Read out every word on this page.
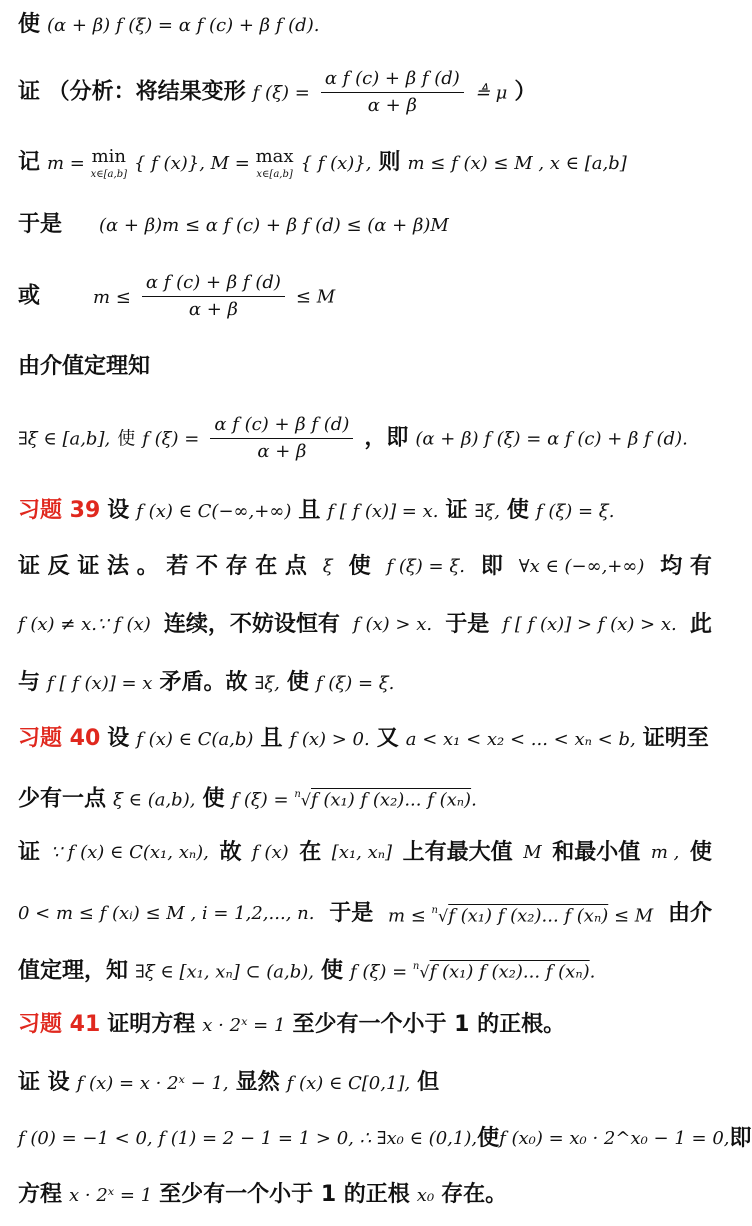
使 (α + β) f (ξ) = α f (c) + β f (d).
证 （分析：将结果变形 f $(\xi) = \frac{\text{α f (c) + β f (d)}}{\alpha + \beta}$ ≜ μ ）
记 m = min
x∈[a,b]
{ f (x)}, M = max
x∈[a,b]
{ f (x)}, 则 m ≤ f (x) ≤ M , x ∈ [a,b]
于是 (α + β)m ≤ α f (c) + β f (d) ≤ (α + β)M
或	$m \le \frac{\text{α f (c) + β f (d)}}{\alpha + \beta} \le M$
由介值定理知
∃ξ ∈ [a,b], 使 f $(\xi) = \frac{\text{α f (c) + β f (d)}}{\alpha + \beta}$ ，即 (α + β) f (ξ) = α f (c) + β f (d).
习题 39 设 f (x) ∈ C(−∞,+∞) 且 f [ f (x)] = x. 证 ∃ξ, 使 f (ξ) = ξ.
证 反 证 法 。 若 不 存 在 点 ξ 使 f (ξ) = ξ. 即 ∀x ∈ (−∞,+∞) 均 有
f (x) ≠ x.∵ f (x) 连续，不妨设恒有 f (x) > x. 于是 f [ f (x)] > f (x) > x. 此
与 f [ f (x)] = x 矛盾。故 ∃ξ, 使 f (ξ) = ξ.
习题 40 设 f (x) ∈ C(a,b) 且 f (x) > 0. 又 a < x₁ < x₂ < ... < xₙ < b, 证明至
少有一点 ξ ∈ (a,b), 使 f (ξ) = $^n$√f (x₁) f (x₂)... f (xₙ).
证 ∵ f (x) ∈ C(x₁, xₙ), 故 f (x) 在 [x₁, xₙ] 上有最大值 M 和最小值 m , 使
0 < m ≤ f (xᵢ) ≤ M , i = 1,2,..., n. 于是 m ≤ $^n$√f (x₁) f (x₂)... f (xₙ) ≤ M 由介
值定理，知 ∃ξ ∈ [x₁, xₙ] ⊂ (a,b), 使 f (ξ) = $^n$√f (x₁) f (x₂)... f (xₙ).
习题 41 证明方程 x · 2ˣ = 1 至少有一个小于 1 的正根。
证 设 f (x) = x · 2ˣ − 1, 显然 f (x) ∈ C[0,1], 但
f (0) = −1 < 0, f (1) = 2 − 1 = 1 > 0, ∴ ∃x₀ ∈ (0,1), 使 f (x₀) = x₀ · 2^x₀ − 1 = 0, 即
方程 x · 2ˣ = 1 至少有一个小于 1 的正根 x₀ 存在。
